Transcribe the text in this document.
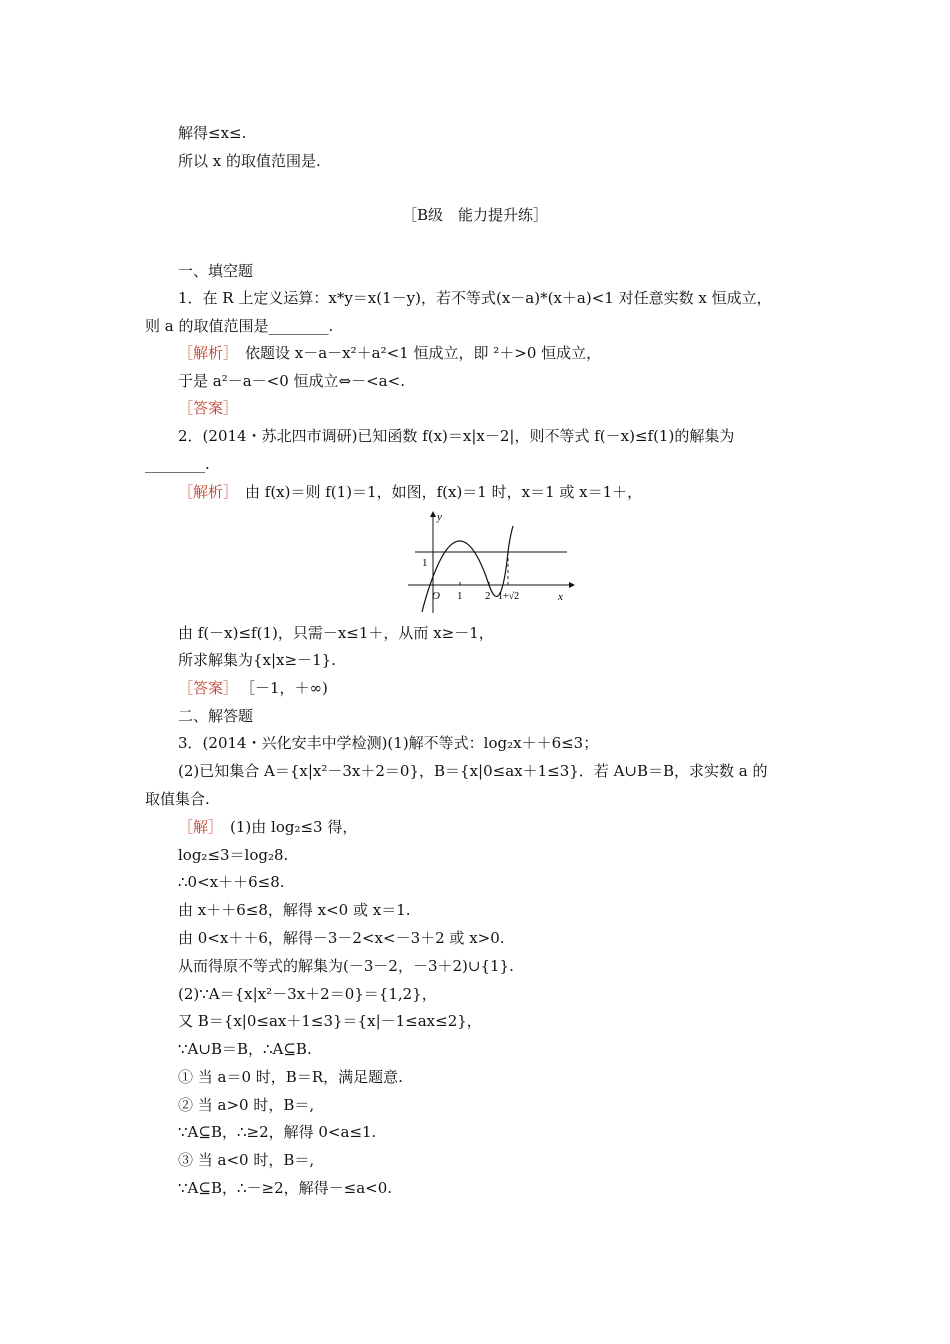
解得≤x≤.
所以 x 的取值范围是.
［B级　能力提升练］
一、填空题
1．在 R 上定义运算：x*y＝x(1－y)，若不等式(x－a)*(x＋a)<1 对任意实数 x 恒成立，
则 a 的取值范围是________.
［解析］ 依题设 x－a－x²＋a²<1 恒成立，即 ²＋>0 恒成立，
于是 a²－a－<0 恒成立⇔－<a<.
［答案］
2．(2014・苏北四市调研)已知函数 f(x)＝x|x－2|，则不等式 f(－x)≤f(1)的解集为
________.
［解析］ 由 f(x)＝则 f(1)＝1，如图，f(x)＝1 时，x＝1 或 x＝1＋，
y
x
O
1
1 2 1+√2
由 f(－x)≤f(1)，只需－x≤1＋，从而 x≥－1，
所求解集为{x|x≥－1}.
［答案］ ［－1，＋∞)
二、解答题
3．(2014・兴化安丰中学检测)(1)解不等式：log₂x＋＋6≤3；
(2)已知集合 A＝{x|x²－3x＋2＝0}，B＝{x|0≤ax＋1≤3}．若 A∪B＝B，求实数 a 的
取值集合.
［解］ (1)由 log₂≤3 得，
log₂≤3＝log₂8.
∴0<x＋＋6≤8.
由 x＋＋6≤8，解得 x<0 或 x＝1.
由 0<x＋＋6，解得－3－2<x<－3＋2 或 x>0.
从而得原不等式的解集为(－3－2，－3＋2)∪{1}.
(2)∵A＝{x|x²－3x＋2＝0}＝{1,2}，
又 B＝{x|0≤ax＋1≤3}＝{x|－1≤ax≤2}，
∵A∪B＝B，∴A⊆B.
① 当 a＝0 时，B＝R，满足题意.
② 当 a>0 时，B＝,
∵A⊆B，∴≥2，解得 0<a≤1.
③ 当 a<0 时，B＝,
∵A⊆B，∴－≥2，解得－≤a<0.
